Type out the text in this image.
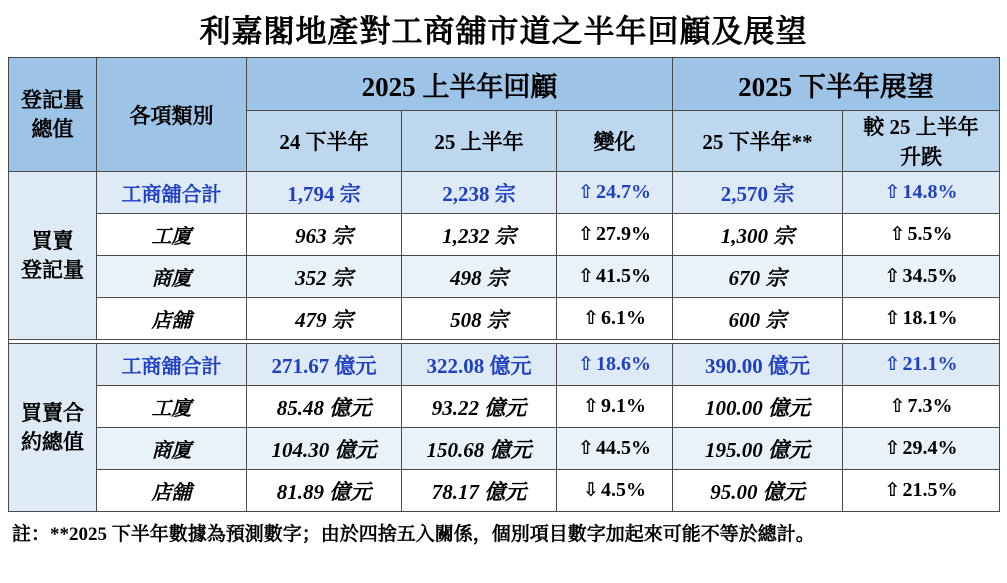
利嘉閣地產對工商舖市道之半年回顧及展望
登記量
總值	各項類別	2025 上半年回顧			2025 下半年展望	
		24 下半年	25 上半年	變化	25 下半年**	較 25 上半年
升跌

買賣
登記量	工商舖合計	1,794 宗	2,238 宗	⇧ 24.7%	2,570 宗	⇧ 14.8%
	工廈	963 宗	1,232 宗	⇧ 27.9%	1,300 宗	⇧ 5.5%
	商廈	352 宗	498 宗	⇧ 41.5%	670 宗	⇧ 34.5%
	店舖	479 宗	508 宗	⇧ 6.1%	600 宗	⇧ 18.1%

買賣合
約總值	工商舖合計	271.67 億元	322.08 億元	⇧ 18.6%	390.00 億元	⇧ 21.1%
	工廈	85.48 億元	93.22 億元	⇧ 9.1%	100.00 億元	⇧ 7.3%
	商廈	104.30 億元	150.68 億元	⇧ 44.5%	195.00 億元	⇧ 29.4%
	店舖	81.89 億元	78.17 億元	⇩ 4.5%	95.00 億元	⇧ 21.5%
註：**2025 下半年數據為預測數字；由於四捨五入關係，個別項目數字加起來可能不等於總計。
